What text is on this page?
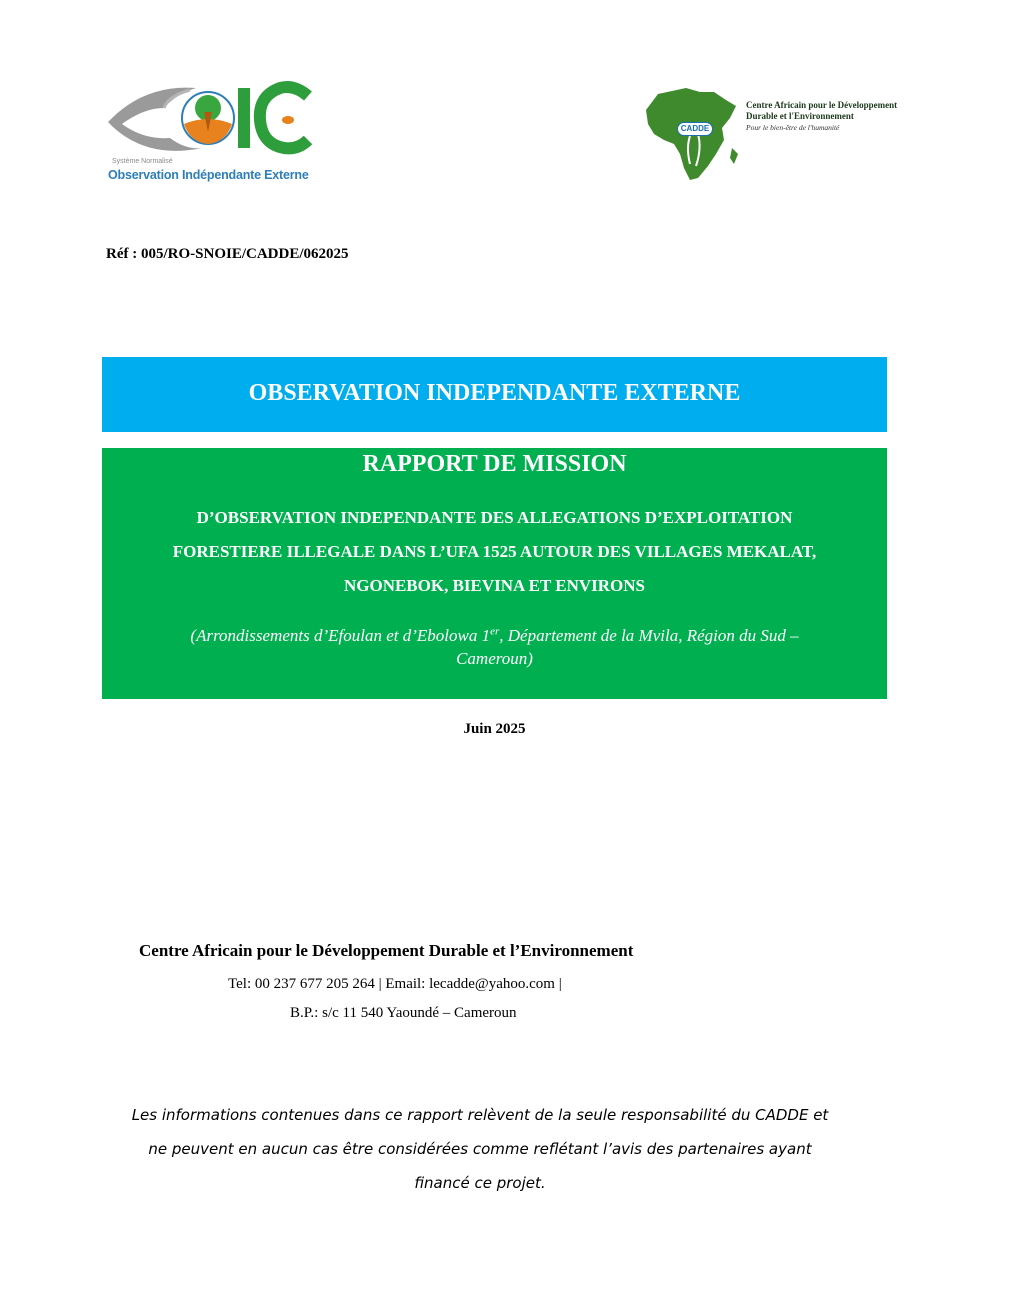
Système Normalisé
Observation Indépendante Externe
CADDE
Centre Africain pour le Développement
Durable et l'Environnement
Pour le bien-être de l'humanité
Réf : 005/RO-SNOIE/CADDE/062025
OBSERVATION INDEPENDANTE EXTERNE
RAPPORT DE MISSION
D’OBSERVATION INDEPENDANTE DES ALLEGATIONS D’EXPLOITATION
FORESTIERE ILLEGALE DANS L’UFA 1525 AUTOUR DES VILLAGES MEKALAT,
NGONEBOK, BIEVINA ET ENVIRONS
(Arrondissements d’Efoulan et d’Ebolowa 1er, Département de la Mvila, Région du Sud –
Cameroun)
Juin 2025
Centre Africain pour le Développement Durable et l’Environnement
Tel: 00 237 677 205 264 | Email: lecadde@yahoo.com |
B.P.: s/c 11 540 Yaoundé – Cameroun
Les informations contenues dans ce rapport relèvent de la seule responsabilité du CADDE et
ne peuvent en aucun cas être considérées comme reflétant l’avis des partenaires ayant
financé ce projet.
